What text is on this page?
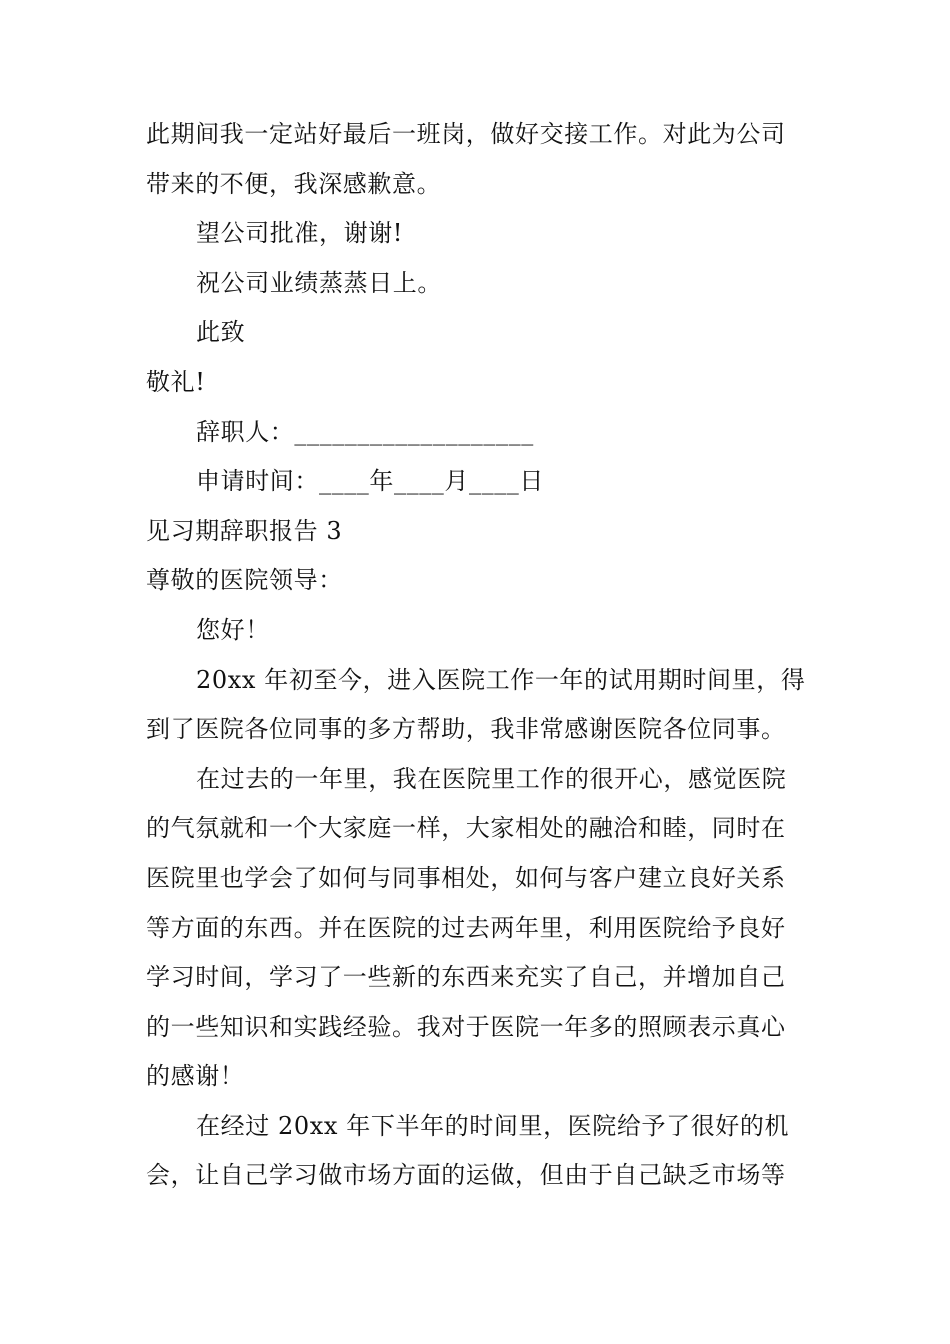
此期间我一定站好最后一班岗，做好交接工作。对此为公司
带来的不便，我深感歉意。
望公司批准，谢谢!
祝公司业绩蒸蒸日上。
此致
敬礼!
辞职人：___________________
申请时间：____年____月____日
见习期辞职报告 3
尊敬的医院领导：
您好！
20xx 年初至今，进入医院工作一年的试用期时间里，得
到了医院各位同事的多方帮助，我非常感谢医院各位同事。
在过去的一年里，我在医院里工作的很开心，感觉医院
的气氛就和一个大家庭一样，大家相处的融洽和睦，同时在
医院里也学会了如何与同事相处，如何与客户建立良好关系
等方面的东西。并在医院的过去两年里，利用医院给予良好
学习时间，学习了一些新的东西来充实了自己，并增加自己
的一些知识和实践经验。我对于医院一年多的照顾表示真心
的感谢！
在经过 20xx 年下半年的时间里，医院给予了很好的机
会，让自己学习做市场方面的运做，但由于自己缺乏市场等
